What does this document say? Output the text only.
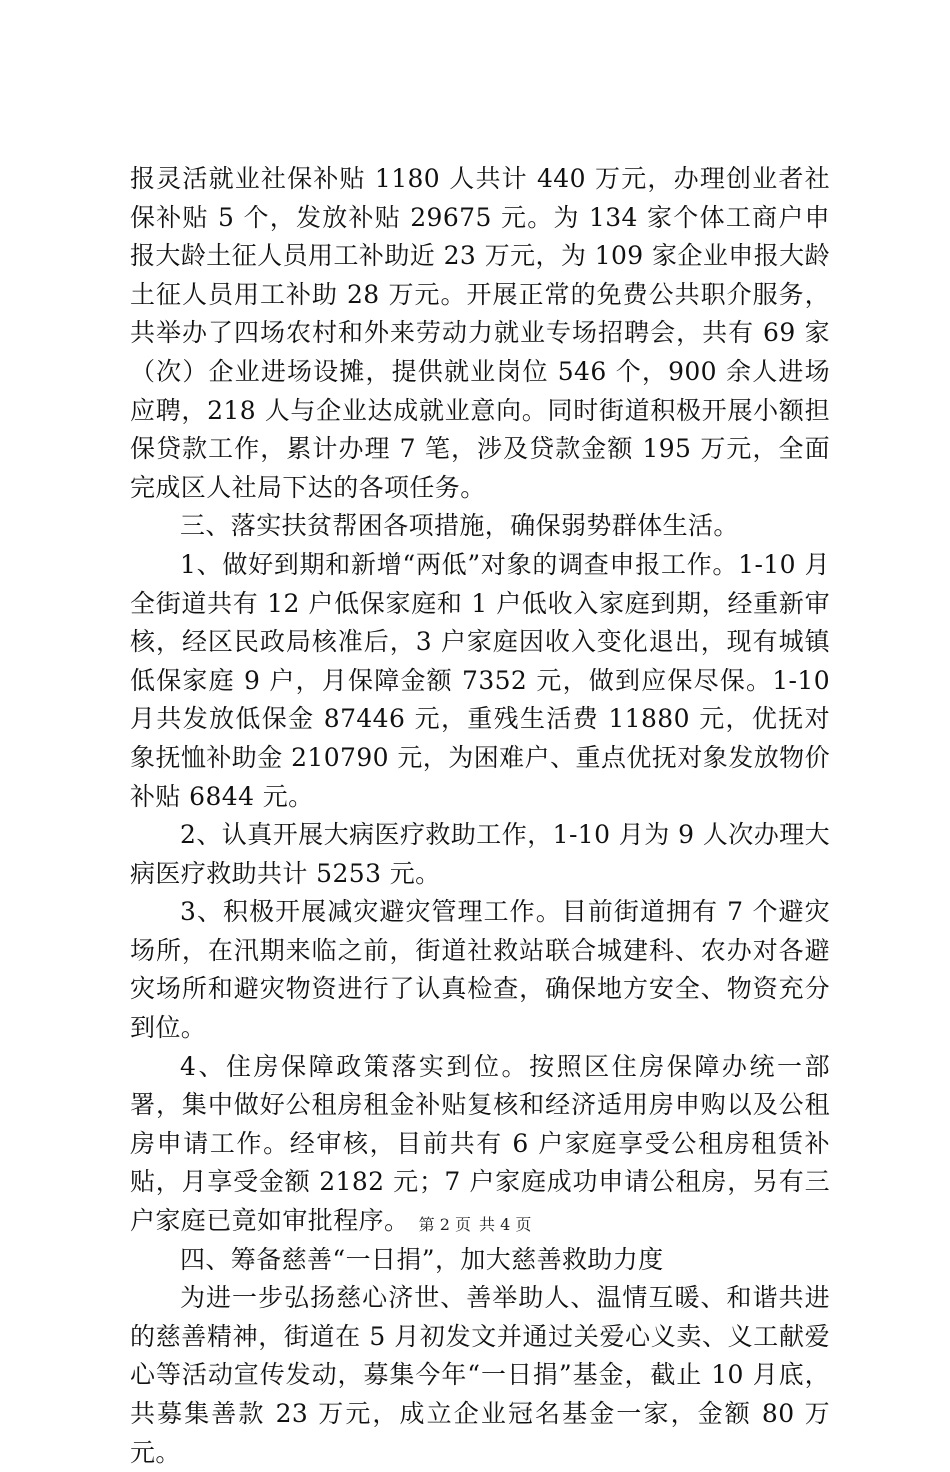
报灵活就业社保补贴 1180 人共计 440 万元，办理创业者社保补贴 5 个，发放补贴 29675 元。为 134 家个体工商户申报大龄土征人员用工补助近 23 万元，为 109 家企业申报大龄土征人员用工补助 28 万元。开展正常的免费公共职介服务，共举办了四场农村和外来劳动力就业专场招聘会，共有 69 家（次）企业进场设摊，提供就业岗位 546 个，900 余人进场应聘，218 人与企业达成就业意向。同时街道积极开展小额担保贷款工作，累计办理 7 笔，涉及贷款金额 195 万元，全面完成区人社局下达的各项任务。

三、落实扶贫帮困各项措施，确保弱势群体生活。

1、做好到期和新增“两低”对象的调查申报工作。1-10 月全街道共有 12 户低保家庭和 1 户低收入家庭到期，经重新审核，经区民政局核准后，3 户家庭因收入变化退出，现有城镇低保家庭 9 户，月保障金额 7352 元，做到应保尽保。1-10 月共发放低保金 87446 元，重残生活费 11880 元，优抚对象抚恤补助金 210790 元，为困难户、重点优抚对象发放物价补贴 6844 元。

2、认真开展大病医疗救助工作，1-10 月为 9 人次办理大病医疗救助共计 5253 元。

3、积极开展减灾避灾管理工作。目前街道拥有 7 个避灾场所，在汛期来临之前，街道社救站联合城建科、农办对各避灾场所和避灾物资进行了认真检查，确保地方安全、物资充分到位。

4、住房保障政策落实到位。按照区住房保障办统一部署，集中做好公租房租金补贴复核和经济适用房申购以及公租房申请工作。经审核，目前共有 6 户家庭享受公租房租赁补贴，月享受金额 2182 元；7 户家庭成功申请公租房，另有三户家庭已竟如审批程序。

四、筹备慈善“一日捐”，加大慈善救助力度

为进一步弘扬慈心济世、善举助人、温情互暖、和谐共进的慈善精神，街道在 5 月初发文并通过关爱心义卖、义工献爱心等活动宣传发动，募集今年“一日捐”基金，截止 10 月底，共募集善款 23 万元，成立企业冠名基金一家，金额 80 万元。

第 2 页 共 4 页
